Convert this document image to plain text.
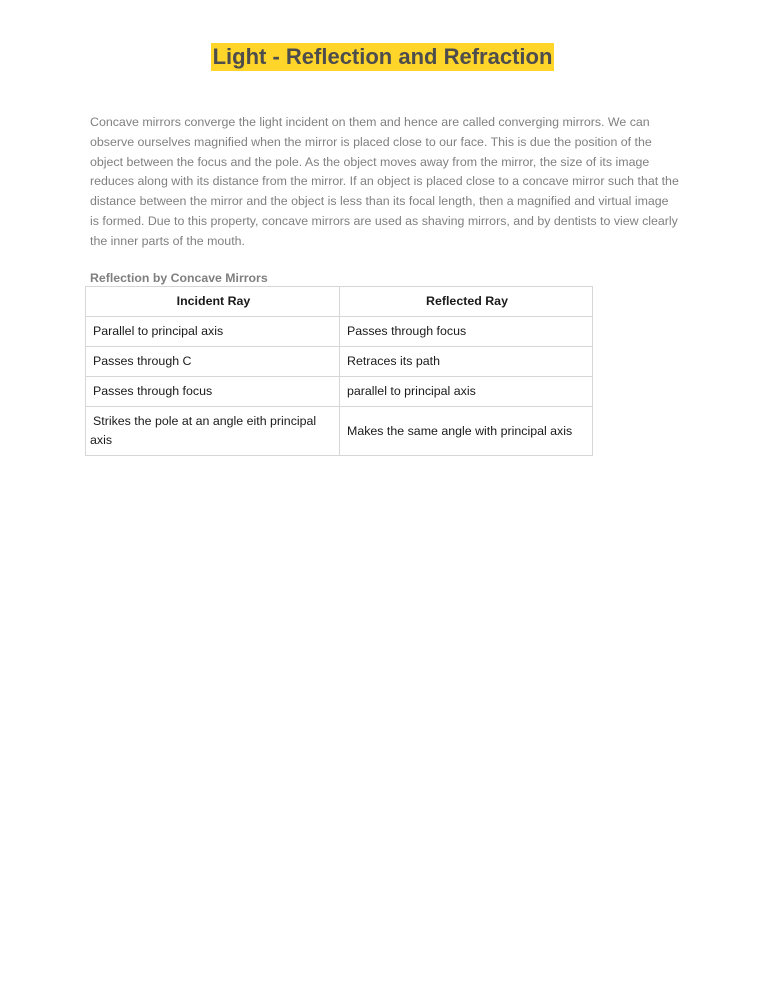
Light - Reflection and Refraction

Concave mirrors converge the light incident on them and hence are called converging mirrors. We can observe ourselves magnified when the mirror is placed close to our face. This is due the position of the object between the focus and the pole. As the object moves away from the mirror, the size of its image reduces along with its distance from the mirror. If an object is placed close to a concave mirror such that the distance between the mirror and the object is less than its focal length, then a magnified and virtual image is formed. Due to this property, concave mirrors are used as shaving mirrors, and by dentists to view clearly the inner parts of the mouth.

Reflection by Concave Mirrors

Incident Ray	Reflected Ray
Parallel to principal axis	Passes through focus
Passes through C	Retraces its path
Passes through focus	parallel to principal axis
Strikes the pole at an angle eith principal axis	Makes the same angle with principal axis
